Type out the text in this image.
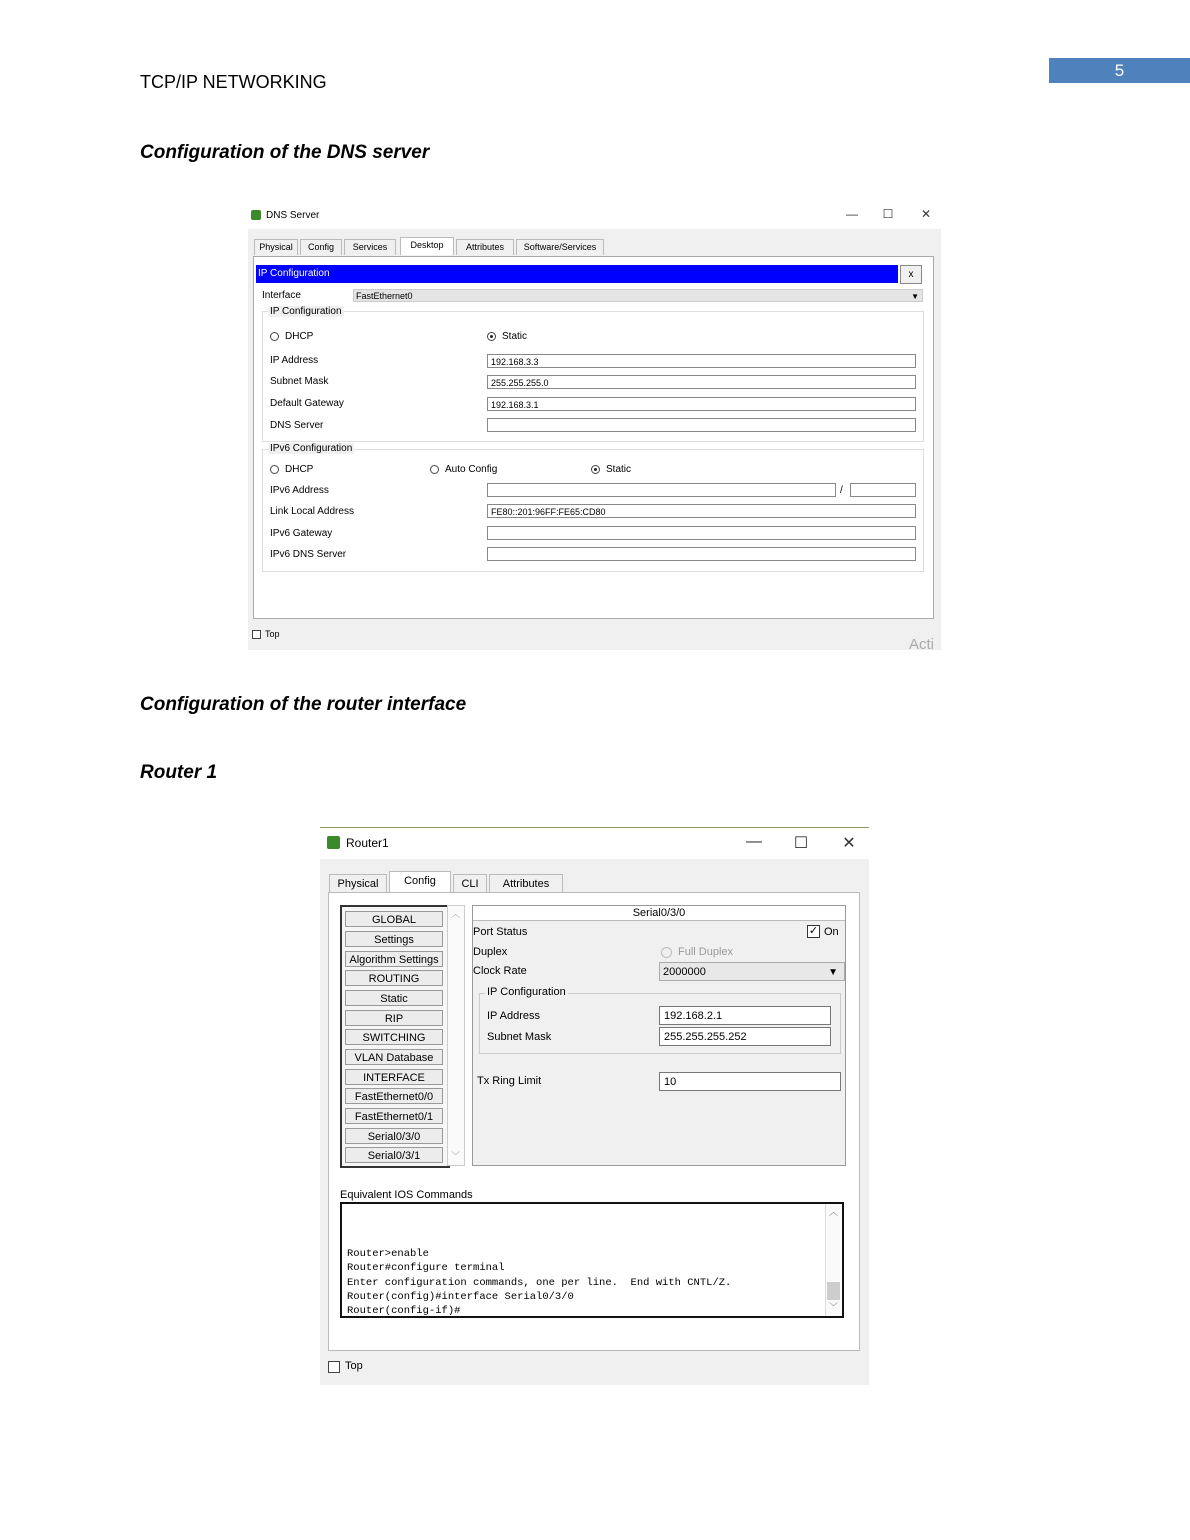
5
TCP/IP NETWORKING
Configuration of the DNS server
Configuration of the router interface
Router 1
DNS Server	—	☐	✕
Physical	Config	Services	Desktop	Attributes	Software/Services
IP Configuration	x
Interface	FastEthernet0	▼
IP Configuration
DHCP	Static
IP Address	192.168.3.3
Subnet Mask	255.255.255.0
Default Gateway	192.168.3.1
DNS Server
IPv6 Configuration
DHCP	Auto Config	Static
IPv6 Address	/
Link Local Address	FE80::201:96FF:FE65:CD80
IPv6 Gateway
IPv6 DNS Server
Top
Acti
Router1	—	☐	✕
Physical	Config	CLI	Attributes
GLOBAL
Settings
Algorithm Settings
ROUTING
Static
RIP
SWITCHING
VLAN Database
INTERFACE
FastEthernet0/0
FastEthernet0/1
Serial0/3/0
Serial0/3/1
︿
﹀
Serial0/3/0
Port Status	✓ On
Duplex	Full Duplex
Clock Rate	2000000	▼
IP Configuration
IP Address	192.168.2.1
Subnet Mask	255.255.255.252
Tx Ring Limit	10
Equivalent IOS Commands
Router>enable
Router#configure terminal
Enter configuration commands, one per line.  End with CNTL/Z.
Router(config)#interface Serial0/3/0
Router(config-if)#
︿
﹀
Top
